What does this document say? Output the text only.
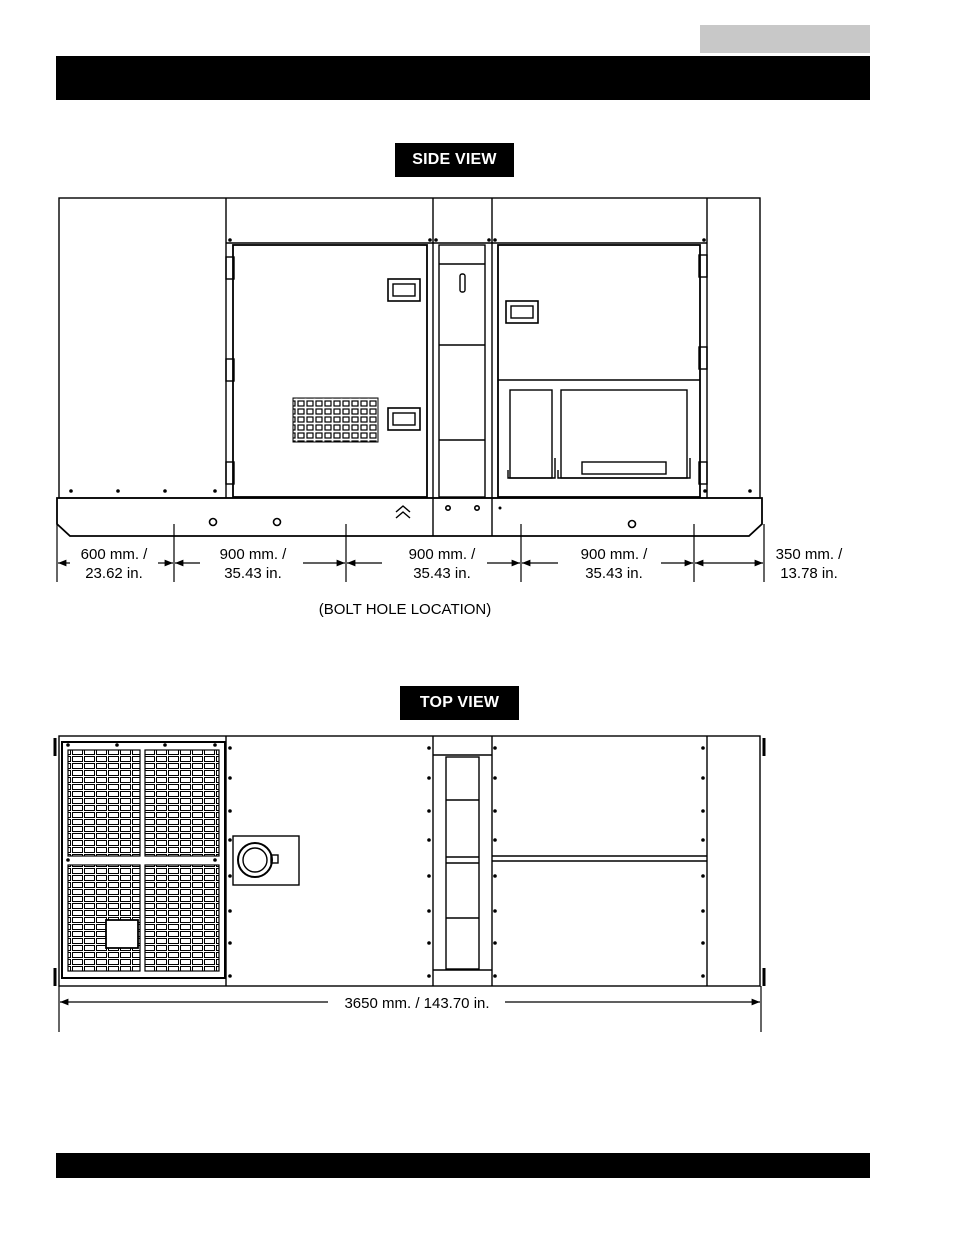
SIDE VIEW
TOP VIEW
600 mm. /
23.62 in.
900 mm. /
35.43 in.
900 mm. /
35.43 in.
900 mm. /
35.43 in.
350 mm. /
13.78 in.
(BOLT HOLE LOCATION)
3650 mm. / 143.70 in.
